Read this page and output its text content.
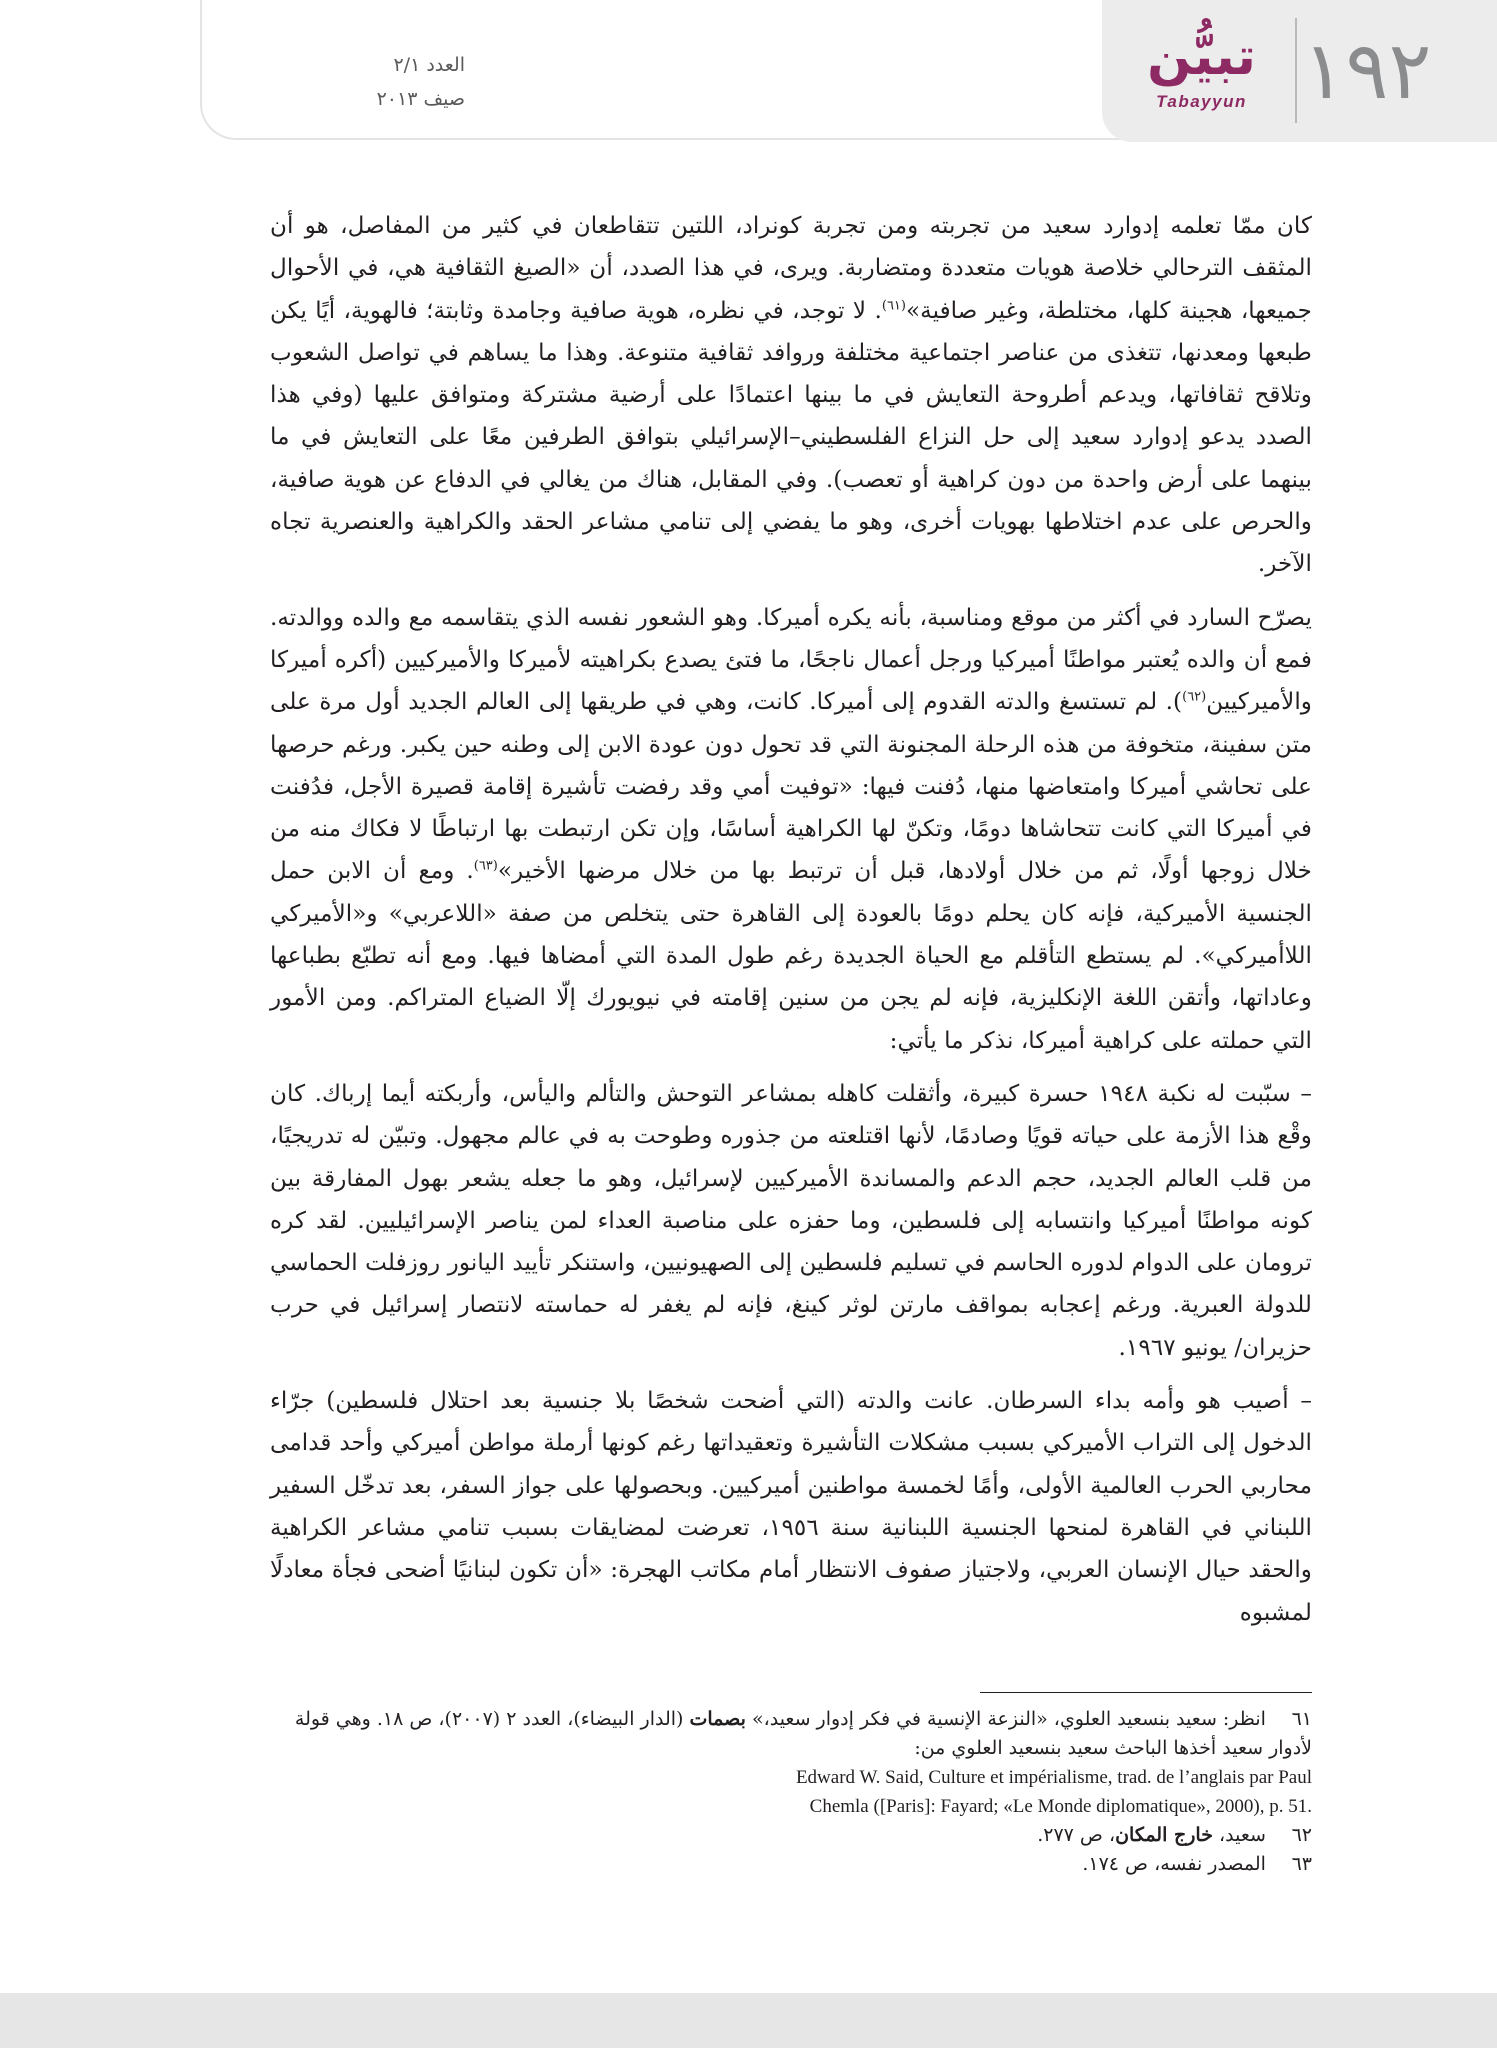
١٩٢
تبيُّن
Tabayyun
العدد ٢/١
صيف ٢٠١٣

كان ممّا تعلمه إدوارد سعيد من تجربته ومن تجربة كونراد، اللتين تتقاطعان في كثير من المفاصل، هو أن المثقف الترحالي خلاصة هويات متعددة ومتضاربة. ويرى، في هذا الصدد، أن «الصيغ الثقافية هي، في الأحوال جميعها، هجينة كلها، مختلطة، وغير صافية»$^{(٦١)}$. لا توجد، في نظره، هوية صافية وجامدة وثابتة؛ فالهوية، أيًا يكن طبعها ومعدنها، تتغذى من عناصر اجتماعية مختلفة وروافد ثقافية متنوعة. وهذا ما يساهم في تواصل الشعوب وتلاقح ثقافاتها، ويدعم أطروحة التعايش في ما بينها اعتمادًا على أرضية مشتركة ومتوافق عليها (وفي هذا الصدد يدعو إدوارد سعيد إلى حل النزاع الفلسطيني–الإسرائيلي بتوافق الطرفين معًا على التعايش في ما بينهما على أرض واحدة من دون كراهية أو تعصب). وفي المقابل، هناك من يغالي في الدفاع عن هوية صافية، والحرص على عدم اختلاطها بهويات أخرى، وهو ما يفضي إلى تنامي مشاعر الحقد والكراهية والعنصرية تجاه الآخر.

يصرّح السارد في أكثر من موقع ومناسبة، بأنه يكره أميركا. وهو الشعور نفسه الذي يتقاسمه مع والده ووالدته. فمع أن والده يُعتبر مواطنًا أميركيا ورجل أعمال ناجحًا، ما فتئ يصدع بكراهيته لأميركا والأميركيين (أكره أميركا والأميركيين$^{(٦٢)}$). لم تستسغ والدته القدوم إلى أميركا. كانت، وهي في طريقها إلى العالم الجديد أول مرة على متن سفينة، متخوفة من هذه الرحلة المجنونة التي قد تحول دون عودة الابن إلى وطنه حين يكبر. ورغم حرصها على تحاشي أميركا وامتعاضها منها، دُفنت فيها: «توفيت أمي وقد رفضت تأشيرة إقامة قصيرة الأجل، فدُفنت في أميركا التي كانت تتحاشاها دومًا، وتكنّ لها الكراهية أساسًا، وإن تكن ارتبطت بها ارتباطًا لا فكاك منه من خلال زوجها أولًا، ثم من خلال أولادها، قبل أن ترتبط بها من خلال مرضها الأخير»$^{(٦٣)}$. ومع أن الابن حمل الجنسية الأميركية، فإنه كان يحلم دومًا بالعودة إلى القاهرة حتى يتخلص من صفة «اللاعربي» و«الأميركي اللاأميركي». لم يستطع التأقلم مع الحياة الجديدة رغم طول المدة التي أمضاها فيها. ومع أنه تطبّع بطباعها وعاداتها، وأتقن اللغة الإنكليزية، فإنه لم يجن من سنين إقامته في نيويورك إلّا الضياع المتراكم. ومن الأمور التي حملته على كراهية أميركا، نذكر ما يأتي:

– سبّبت له نكبة ١٩٤٨ حسرة كبيرة، وأثقلت كاهله بمشاعر التوحش والتألم واليأس، وأربكته أيما إرباك. كان وقْع هذا الأزمة على حياته قويًا وصادمًا، لأنها اقتلعته من جذوره وطوحت به في عالم مجهول. وتبيّن له تدريجيًا، من قلب العالم الجديد، حجم الدعم والمساندة الأميركيين لإسرائيل، وهو ما جعله يشعر بهول المفارقة بين كونه مواطنًا أميركيا وانتسابه إلى فلسطين، وما حفزه على مناصبة العداء لمن يناصر الإسرائيليين. لقد كره ترومان على الدوام لدوره الحاسم في تسليم فلسطين إلى الصهيونيين، واستنكر تأييد اليانور روزفلت الحماسي للدولة العبرية. ورغم إعجابه بمواقف مارتن لوثر كينغ، فإنه لم يغفر له حماسته لانتصار إسرائيل في حرب حزيران/ يونيو ١٩٦٧.

– أصيب هو وأمه بداء السرطان. عانت والدته (التي أضحت شخصًا بلا جنسية بعد احتلال فلسطين) جرّاء الدخول إلى التراب الأميركي بسبب مشكلات التأشيرة وتعقيداتها رغم كونها أرملة مواطن أميركي وأحد قدامى محاربي الحرب العالمية الأولى، وأمًا لخمسة مواطنين أميركيين. وبحصولها على جواز السفر، بعد تدخّل السفير اللبناني في القاهرة لمنحها الجنسية اللبنانية سنة ١٩٥٦، تعرضت لمضايقات بسبب تنامي مشاعر الكراهية والحقد حيال الإنسان العربي، ولاجتياز صفوف الانتظار أمام مكاتب الهجرة: «أن تكون لبنانيًا أضحى فجأة معادلًا لمشبوه

٦١ انظر: سعيد بنسعيد العلوي، «النزعة الإنسية في فكر إدوار سعيد،» بصمات (الدار البيضاء)، العدد ٢ (٢٠٠٧)، ص ١٨. وهي قولة لأدوار سعيد أخذها الباحث سعيد بنسعيد العلوي من:

Edward W. Said, Culture et impérialisme, trad. de l’anglais par Paul

Chemla ([Paris]: Fayard; «Le Monde diplomatique», 2000), p. 51.

٦٢ سعيد، خارج المكان، ص ٢٧٧.

٦٣ المصدر نفسه، ص ١٧٤.
